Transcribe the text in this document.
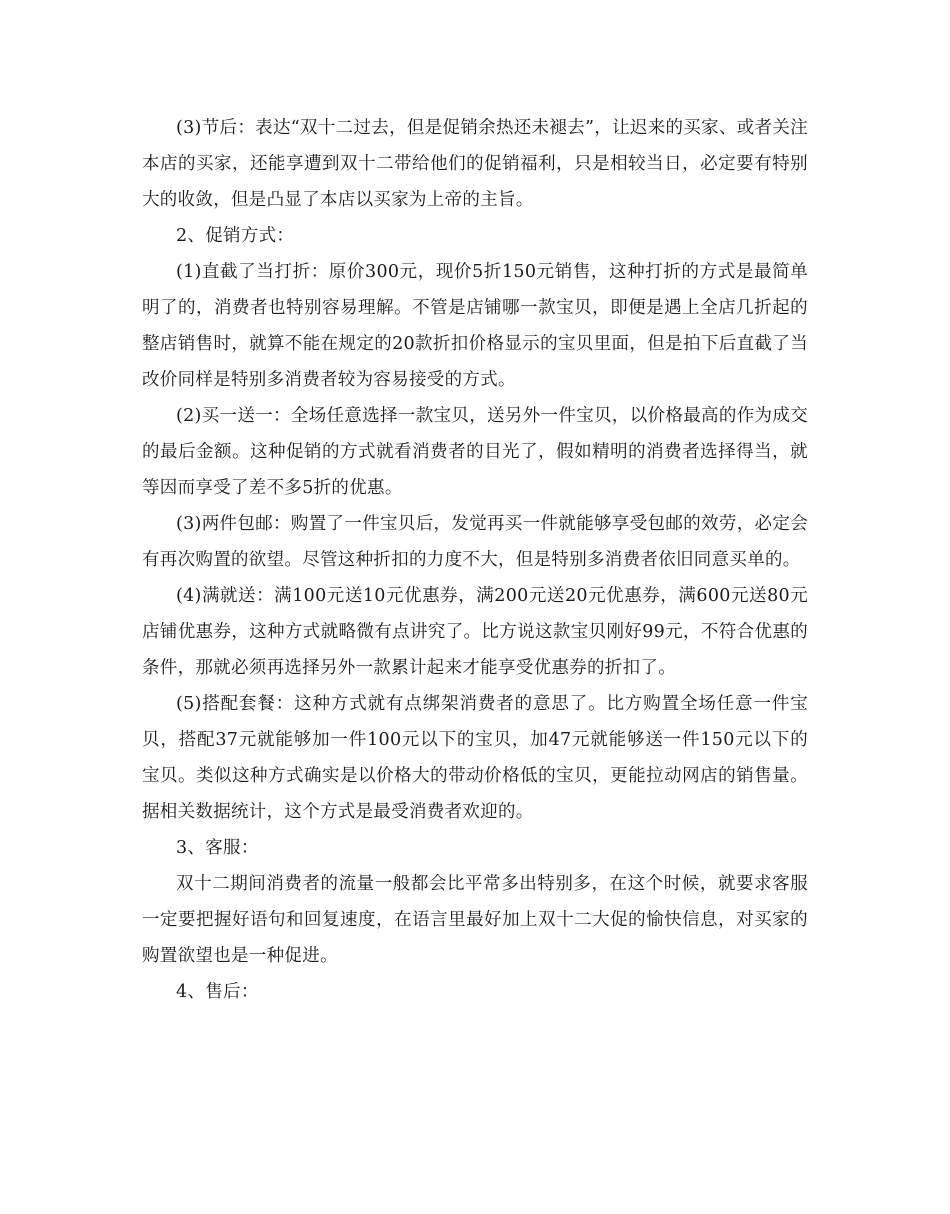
(3)节后：表达“双十二过去，但是促销余热还未褪去”，让迟来的买家、或者关注本店的买家，还能享遭到双十二带给他们的促销福利，只是相较当日，必定要有特别大的收敛，但是凸显了本店以买家为上帝的主旨。

2、促销方式：

(1)直截了当打折：原价300元，现价5折150元销售，这种打折的方式是最简单明了的，消费者也特别容易理解。不管是店铺哪一款宝贝，即便是遇上全店几折起的整店销售时，就算不能在规定的20款折扣价格显示的宝贝里面，但是拍下后直截了当改价同样是特别多消费者较为容易接受的方式。

(2)买一送一：全场任意选择一款宝贝，送另外一件宝贝，以价格最高的作为成交的最后金额。这种促销的方式就看消费者的目光了，假如精明的消费者选择得当，就等因而享受了差不多5折的优惠。

(3)两件包邮：购置了一件宝贝后，发觉再买一件就能够享受包邮的效劳，必定会有再次购置的欲望。尽管这种折扣的力度不大，但是特别多消费者依旧同意买单的。

(4)满就送：满100元送10元优惠券，满200元送20元优惠券，满600元送80元店铺优惠券，这种方式就略微有点讲究了。比方说这款宝贝刚好99元，不符合优惠的条件，那就必须再选择另外一款累计起来才能享受优惠券的折扣了。

(5)搭配套餐：这种方式就有点绑架消费者的意思了。比方购置全场任意一件宝贝，搭配37元就能够加一件100元以下的宝贝，加47元就能够送一件150元以下的宝贝。类似这种方式确实是以价格大的带动价格低的宝贝，更能拉动网店的销售量。据相关数据统计，这个方式是最受消费者欢迎的。

3、客服：

双十二期间消费者的流量一般都会比平常多出特别多，在这个时候，就要求客服一定要把握好语句和回复速度，在语言里最好加上双十二大促的愉快信息，对买家的购置欲望也是一种促进。

4、售后：
